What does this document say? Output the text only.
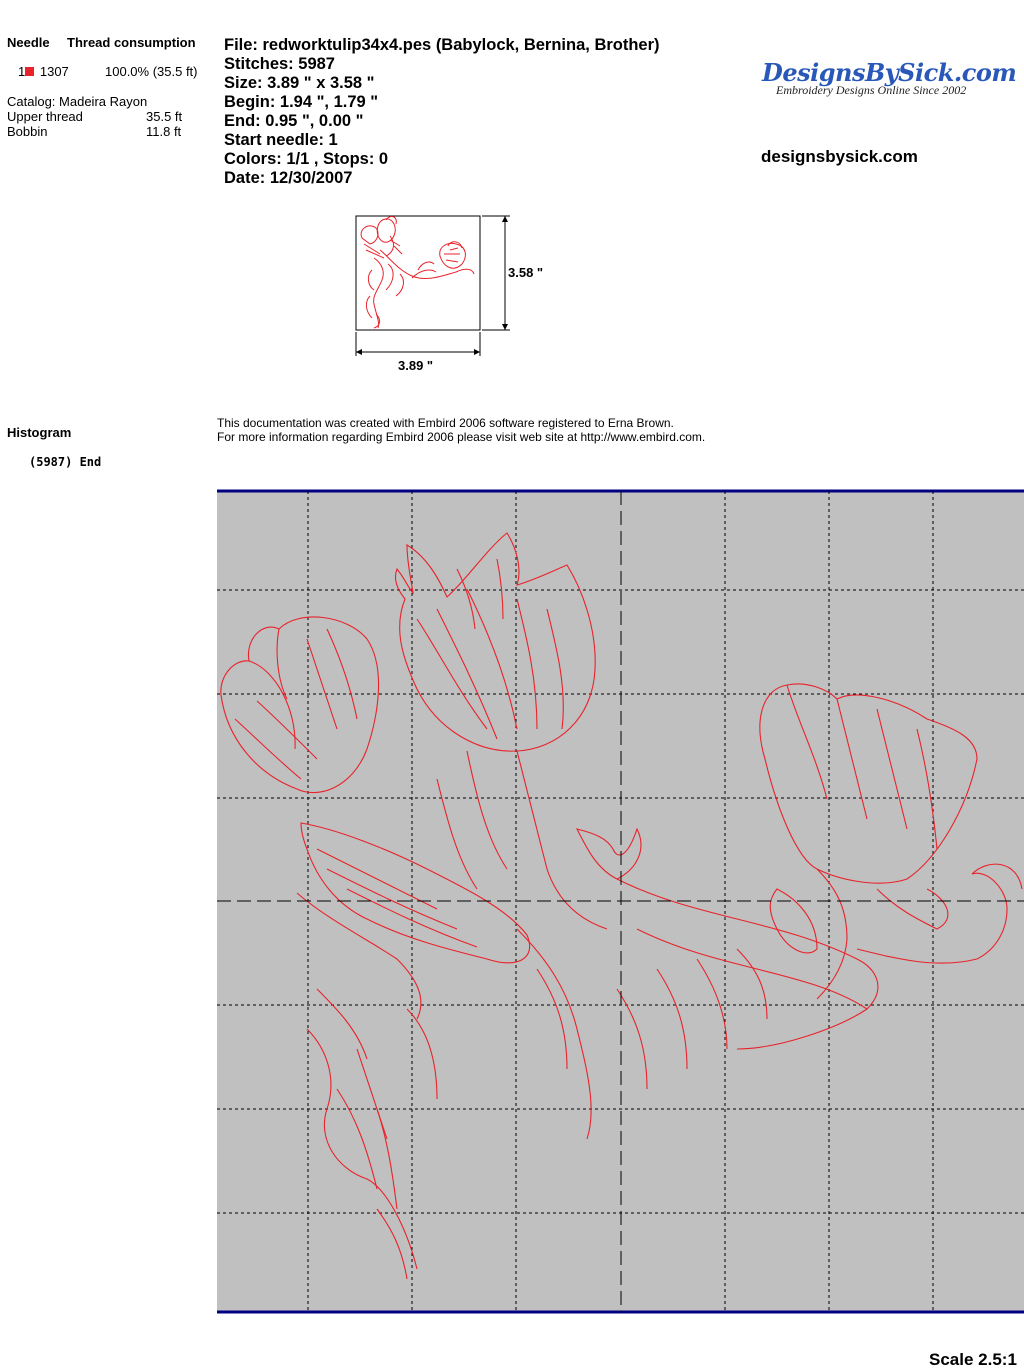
Needle Thread consumption
1 1307	100.0% (35.5 ft)
Catalog: Madeira Rayon
Upper thread	35.5 ft
Bobbin	11.8 ft
File: redworktulip34x4.pes (Babylock, Bernina, Brother)
Stitches: 5987
Size: 3.89 " x 3.58 "
Begin: 1.94 ", 1.79 "
End: 0.95 ", 0.00 "
Start needle: 1
Colors: 1/1 , Stops: 0
Date: 12/30/2007
DesignsBySick.com
Embroidery Designs Online Since 2002
designsbysick.com
3.89 "
3.58 "
Histogram
(5987) End
This documentation was created with Embird 2006 software registered to Erna Brown.
For more information regarding Embird 2006 please visit web site at http://www.embird.com.
Scale 2.5:1
